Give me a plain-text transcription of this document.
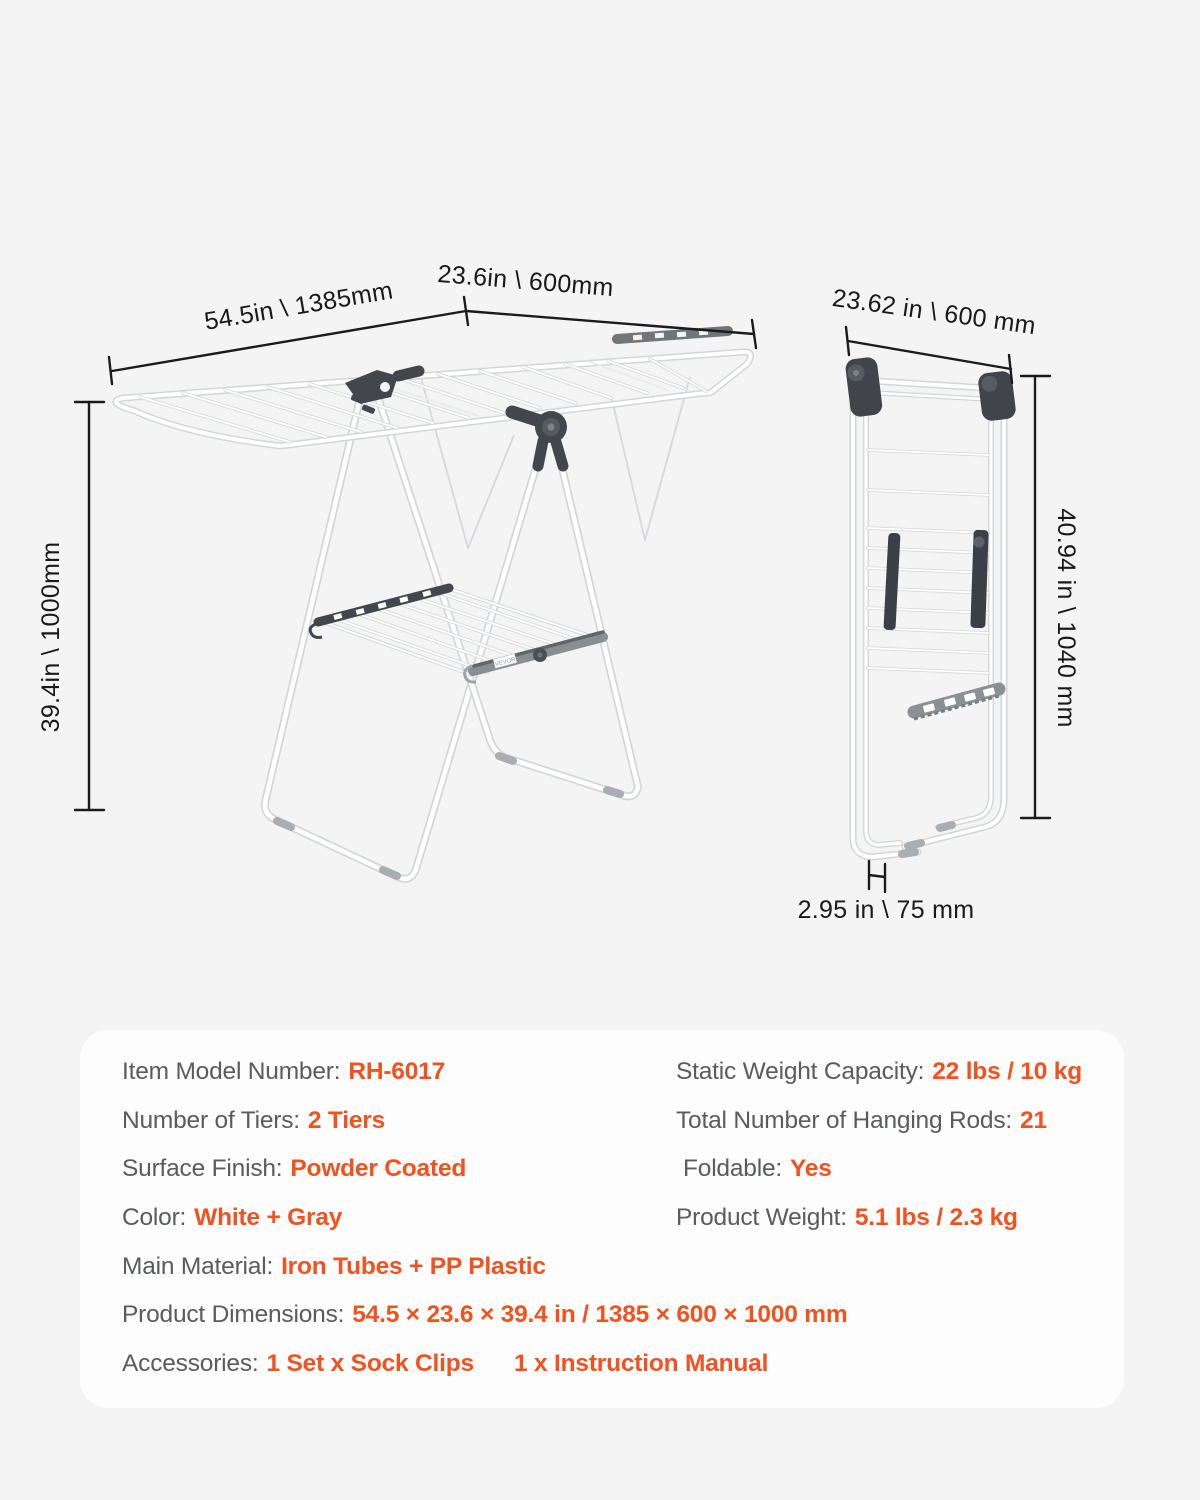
VEVOR
54.5in \ 1385mm 23.6in \ 600mm
39.4in \ 1000mm
23.62 in \ 600 mm
40.94 in \ 1040 mm
2.95 in \ 75 mm
Item Model Number: RH-6017
Number of Tiers: 2 Tiers
Surface Finish: Powder Coated
Color: White + Gray
Main Material: Iron Tubes + PP Plastic
Product Dimensions: 54.5 × 23.6 × 39.4 in / 1385 × 600 × 1000 mm
Accessories: 1 Set x Sock Clips 1 x Instruction Manual
Static Weight Capacity: 22 lbs / 10 kg
Total Number of Hanging Rods: 21
Foldable: Yes
Product Weight: 5.1 lbs / 2.3 kg
